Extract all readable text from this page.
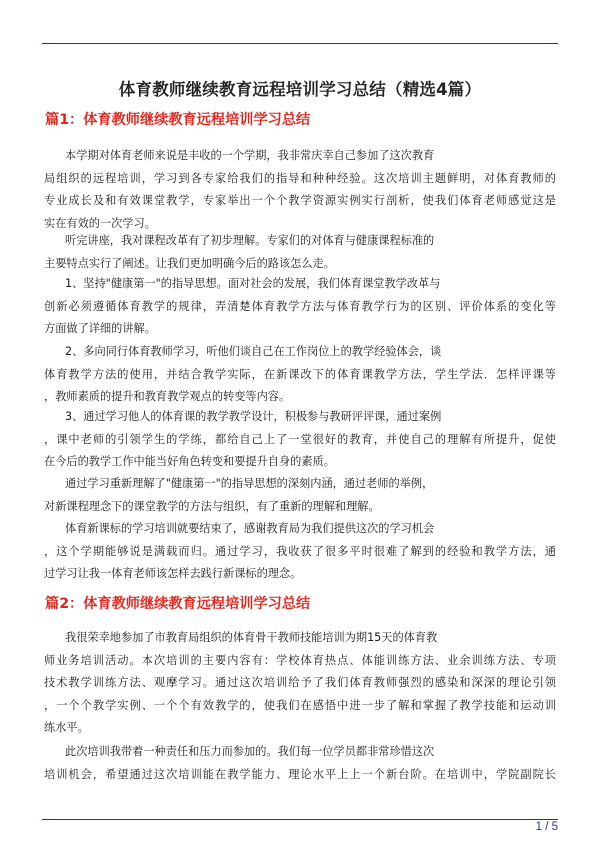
体育教师继续教育远程培训学习总结（精选4篇）
篇1：体育教师继续教育远程培训学习总结
本学期对体育老师来说是丰收的一个学期，我非常庆幸自己参加了这次教育
局组织的远程培训，学习到各专家给我们的指导和种种经验。这次培训主题鲜明，对体育教师的
专业成长及和有效课堂教学，专家举出一个个教学资源实例实行剖析，使我们体育老师感觉这是
实在有效的一次学习。
听完讲座，我对课程改革有了初步理解。专家们的对体育与健康课程标准的
主要特点实行了阐述。让我们更加明确今后的路该怎么走。
1、坚持"健康第一"的指导思想。面对社会的发展，我们体育课堂教学改革与
创新必须遵循体育教学的规律，弄清楚体育教学方法与体育教学行为的区别、评价体系的变化等
方面做了详细的讲解。
2、多向同行体育教师学习，听他们谈自己在工作岗位上的教学经验体会，谈
体育教学方法的使用，并结合教学实际，在新课改下的体育课教学方法，学生学法．怎样评课等
，教师素质的提升和教育教学观点的转变等内容。
3、通过学习他人的体育课的教学教学设计，积极参与教研评评课，通过案例
，课中老师的引领学生的学练，都给自己上了一堂很好的教育，并使自己的理解有所提升，促使
在今后的教学工作中能当好角色转变和要提升自身的素质。
通过学习重新理解了"健康第一"的指导思想的深刻内涵，通过老师的举例，
对新课程理念下的课堂教学的方法与组织，有了重新的理解和理解。
体育新课标的学习培训就要结束了，感谢教育局为我们提供这次的学习机会
，这个学期能够说是满载而归。通过学习，我收获了很多平时很难了解到的经验和教学方法，通
过学习让我一体育老师该怎样去践行新课标的理念。
篇2：体育教师继续教育远程培训学习总结
我很荣幸地参加了市教育局组织的体育骨干教师技能培训为期15天的体育教
师业务培训活动。本次培训的主要内容有：学校体育热点、体能训练方法、业余训练方法、专项
技术教学训练方法、观摩学习。通过这次培训给予了我们体育教师强烈的感染和深深的理论引领
，一个个教学实例、一个个有效教学的，使我们在感悟中进一步了解和掌握了教学技能和运动训
练水平。
此次培训我带着一种责任和压力而参加的。我们每一位学员都非常珍惜这次
培训机会，希望通过这次培训能在教学能力、理论水平上上一个新台阶。在培训中，学院副院长
1 / 5
